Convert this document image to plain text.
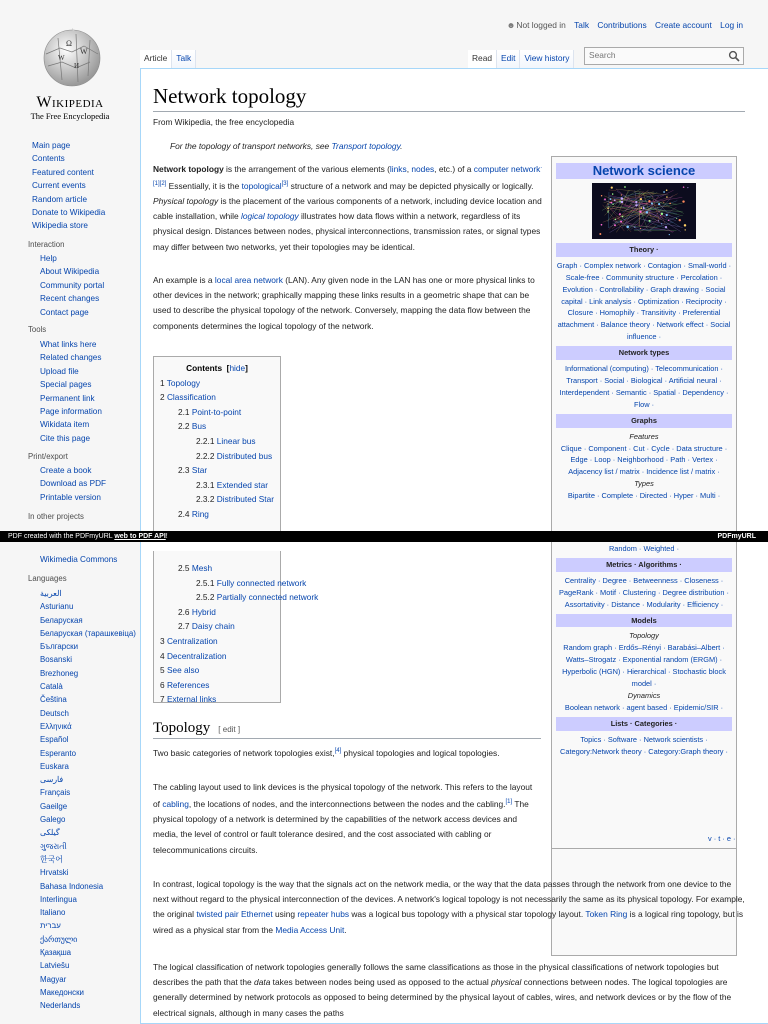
Ω
W
W
И
Wikipedia
The Free Encyclopedia
Main page
Contents
Featured content
Current events
Random article
Donate to Wikipedia
Wikipedia store
Interaction
Help
About Wikipedia
Community portal
Recent changes
Contact page
Tools
What links here
Related changes
Upload file
Special pages
Permanent link
Page information
Wikidata item
Cite this page
Print/export
Create a book
Download as PDF
Printable version
In other projects
Wikimedia Commons
Languages
العربية
Asturianu
Беларуская
Беларуская (тарашкевіца)
Български
Bosanski
Brezhoneg
Català
Čeština
Deutsch
Ελληνικά
Español
Esperanto
Euskara
فارسی
Français
Gaeilge
Galego
گیلکی
ગુજરાતી
한국어
Hrvatski
Bahasa Indonesia
Interlingua
Italiano
עברית
ქართული
Қазақша
Latviešu
Magyar
Македонски
Nederlands
☻Not logged in Talk Contributions Create account Log in
Article	Talk	Read	Edit	View history	Search
Network topology
From Wikipedia, the free encyclopedia
For the topology of transport networks, see Transport topology.
Network topology is the arrangement of the various elements (links, nodes, etc.) of a computer network$^{.[1][2]}$ Essentially, it is the topological[3] structure of a network and may be depicted physically or logically. Physical topology is the placement of the various components of a network, including device location and cable installation, while logical topology illustrates how data flows within a network, regardless of its physical design. Distances between nodes, physical interconnections, transmission rates, or signal types may differ between two networks, yet their topologies may be identical.
An example is a local area network (LAN). Any given node in the LAN has one or more physical links to other devices in the network; graphically mapping these links results in a geometric shape that can be used to describe the physical topology of the network. Conversely, mapping the data flow between the components determines the logical topology of the network.
Contents  [hide]
1 Topology
2 Classification
2.1 Point-to-point
2.2 Bus
2.2.1 Linear bus
2.2.2 Distributed bus
2.3 Star
2.3.1 Extended star
2.3.2 Distributed Star
2.4 Ring
Network science
Theory ·
Graph · Complex network · Contagion · Small-world · Scale-free · Community structure · Percolation · Evolution · Controllability · Graph drawing · Social capital · Link analysis · Optimization · Reciprocity · Closure · Homophily · Transitivity · Preferential attachment · Balance theory · Network effect · Social influence ·
Network types
Informational (computing) · Telecommunication · Transport · Social · Biological · Artificial neural · Interdependent · Semantic · Spatial · Dependency · Flow ·
Graphs
Features
Clique · Component · Cut · Cycle · Data structure · Edge · Loop · Neighborhood · Path · Vertex · Adjacency list / matrix · Incidence list / matrix ·
Types
Bipartite · Complete · Directed · Hyper · Multi ·
PDF created with the PDFmyURL web to PDF API!	PDFmyURL
Random · Weighted ·
Metrics · Algorithms ·
Centrality · Degree · Betweenness · Closeness · PageRank · Motif · Clustering · Degree distribution · Assortativity · Distance · Modularity · Efficiency ·
Models
Topology
Random graph · Erdős–Rényi · Barabási–Albert · Watts–Strogatz · Exponential random (ERGM) · Hyperbolic (HGN) · Hierarchical · Stochastic block model ·
Dynamics
Boolean network · agent based · Epidemic/SIR ·
Lists · Categories ·
Topics · Software · Network scientists · Category:Network theory · Category:Graph theory ·
v · t · e ·
2.5 Mesh
2.5.1 Fully connected network
2.5.2 Partially connected network
2.6 Hybrid
2.7 Daisy chain
3 Centralization
4 Decentralization
5 See also
6 References
7 External links
Topology [ edit ]
Two basic categories of network topologies exist,[4] physical topologies and logical topologies.
The cabling layout used to link devices is the physical topology of the network. This refers to the layout of cabling, the locations of nodes, and the interconnections between the nodes and the cabling.[1] The physical topology of a network is determined by the capabilities of the network access devices and media, the level of control or fault tolerance desired, and the cost associated with cabling or telecommunications circuits.
In contrast, logical topology is the way that the signals act on the network media, or the way that the data passes through the network from one device to the next without regard to the physical interconnection of the devices. A network's logical topology is not necessarily the same as its physical topology. For example, the original twisted pair Ethernet using repeater hubs was a logical bus topology with a physical star topology layout. Token Ring is a logical ring topology, but is wired as a physical star from the Media Access Unit.
The logical classification of network topologies generally follows the same classifications as those in the physical classifications of network topologies but describes the path that the data takes between nodes being used as opposed to the actual physical connections between nodes. The logical topologies are generally determined by network protocols as opposed to being determined by the physical layout of cables, wires, and network devices or by the flow of the electrical signals, although in many cases the paths
